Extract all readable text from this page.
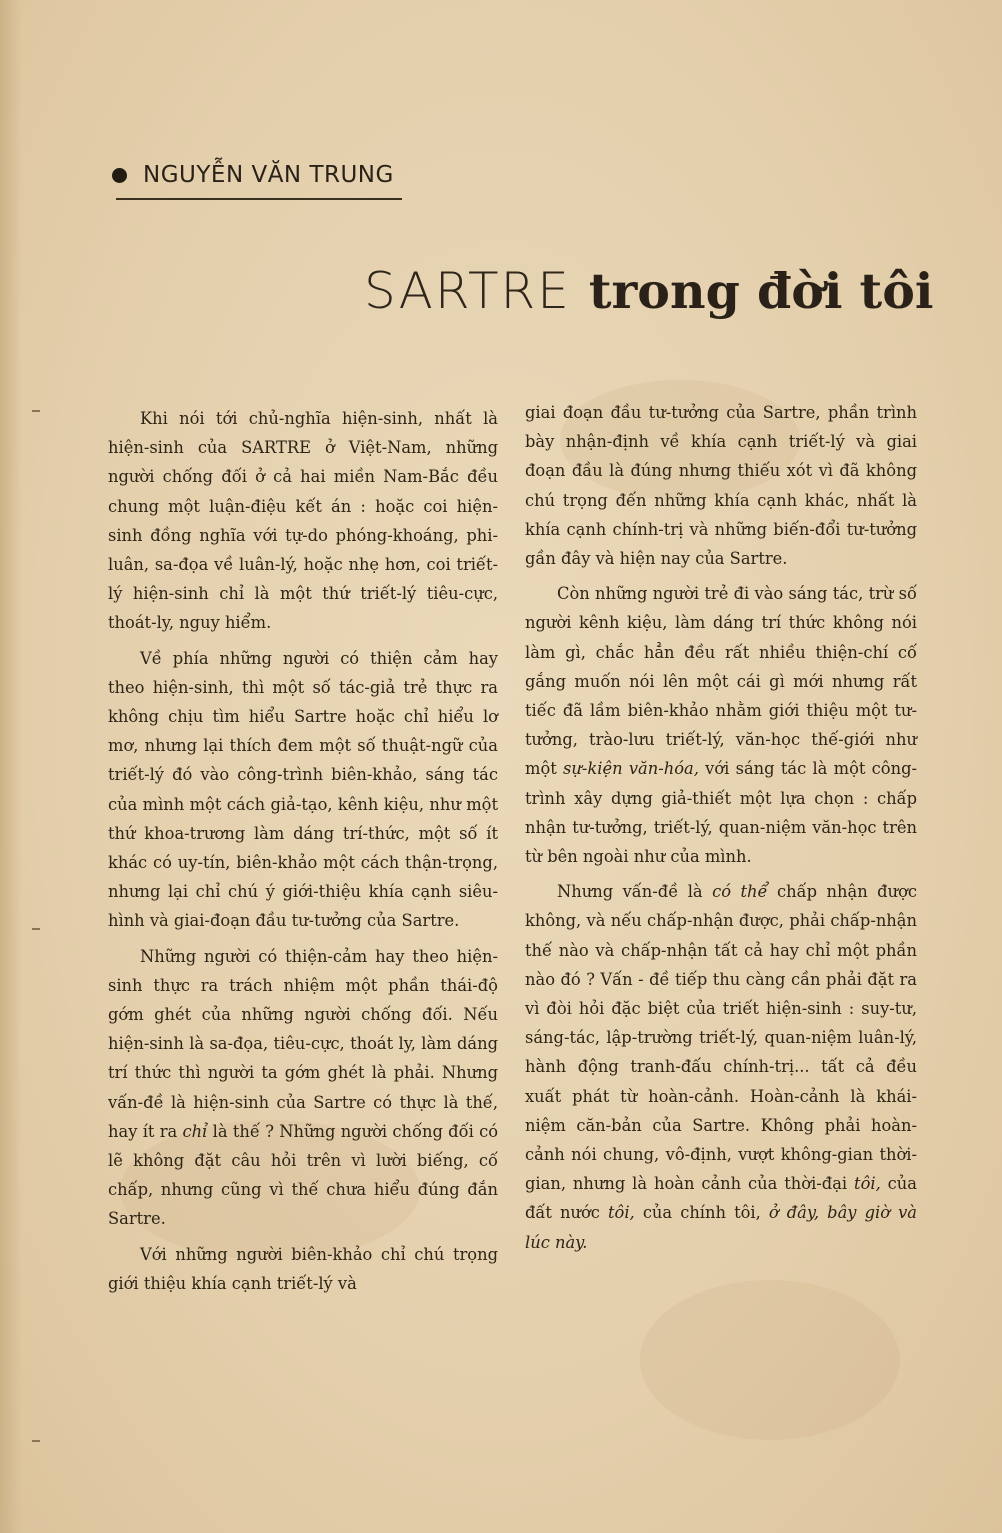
NGUYỄN VĂN TRUNG
SARTRE trong đời tôi

Khi nói tới chủ-nghĩa hiện-sinh, nhất là hiện-sinh của SARTRE ở Việt-Nam, những người chống đối ở cả hai miền Nam-Bắc đều chung một luận-điệu kết án : hoặc coi hiện-sinh đồng nghĩa với tự-do phóng-khoáng, phi-luân, sa-đọa về luân-lý, hoặc nhẹ hơn, coi triết-lý hiện-sinh chỉ là một thứ triết-lý tiêu-cực, thoát-ly, nguy hiểm.

Về phía những người có thiện cảm hay theo hiện-sinh, thì một số tác-giả trẻ thực ra không chịu tìm hiểu Sartre hoặc chỉ hiểu lơ mơ, nhưng lại thích đem một số thuật-ngữ của triết-lý đó vào công-trình biên-khảo, sáng tác của mình một cách giả-tạo, kênh kiệu, như một thứ khoa-trương làm dáng trí-thức, một số ít khác có uy-tín, biên-khảo một cách thận-trọng, nhưng lại chỉ chú ý giới-thiệu khía cạnh siêu-hình và giai-đoạn đầu tư-tưởng của Sartre.

Những người có thiện-cảm hay theo hiện-sinh thực ra trách nhiệm một phần thái-độ gớm ghét của những người chống đối. Nếu hiện-sinh là sa-đọa, tiêu-cực, thoát ly, làm dáng trí thức thì người ta gớm ghét là phải. Nhưng vấn-đề là hiện-sinh của Sartre có thực là thế, hay ít ra chỉ là thế ? Những người chống đối có lẽ không đặt câu hỏi trên vì lười biếng, cố chấp, nhưng cũng vì thế chưa hiểu đúng đắn Sartre.

Với những người biên-khảo chỉ chú trọng giới thiệu khía cạnh triết-lý và

giai đoạn đầu tư-tưởng của Sartre, phần trình bày nhận-định về khía cạnh triết-lý và giai đoạn đầu là đúng nhưng thiếu xót vì đã không chú trọng đến những khía cạnh khác, nhất là khía cạnh chính-trị và những biến-đổi tư-tưởng gần đây và hiện nay của Sartre.

Còn những người trẻ đi vào sáng tác, trừ số người kênh kiệu, làm dáng trí thức không nói làm gì, chắc hẳn đều rất nhiều thiện-chí cố gắng muốn nói lên một cái gì mới nhưng rất tiếc đã lầm biên-khảo nhằm giới thiệu một tư-tưởng, trào-lưu triết-lý, văn-học thế-giới như một sự-kiện văn-hóa, với sáng tác là một công-trình xây dựng giả-thiết một lựa chọn : chấp nhận tư-tưởng, triết-lý, quan-niệm văn-học trên từ bên ngoài như của mình.

Nhưng vấn-đề là có thể chấp nhận được không, và nếu chấp-nhận được, phải chấp-nhận thế nào và chấp-nhận tất cả hay chỉ một phần nào đó ? Vấn - đề tiếp thu càng cần phải đặt ra vì đòi hỏi đặc biệt của triết hiện-sinh : suy-tư, sáng-tác, lập-trường triết-lý, quan-niệm luân-lý, hành động tranh-đấu chính-trị... tất cả đều xuất phát từ hoàn-cảnh. Hoàn-cảnh là khái-niệm căn-bản của Sartre. Không phải hoàn-cảnh nói chung, vô-định, vượt không-gian thời-gian, nhưng là hoàn cảnh của thời-đại tôi, của đất nước tôi, của chính tôi, ở đây, bây giờ và lúc này.
